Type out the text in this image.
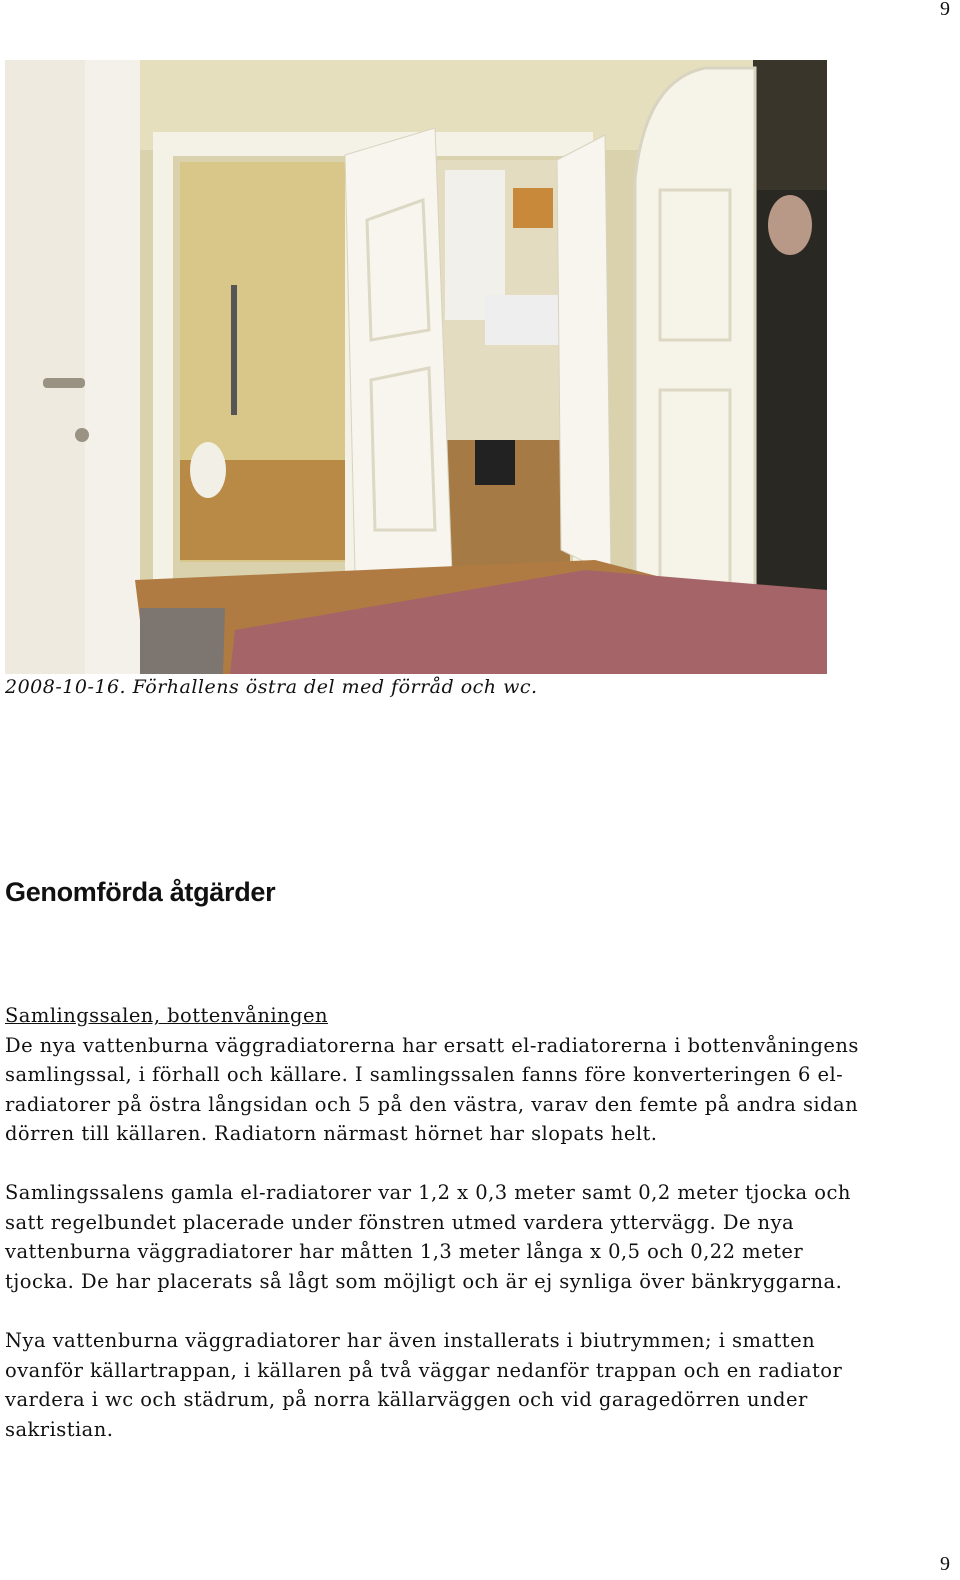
9
2008-10-16. Förhallens östra del med förråd och wc.
Genomförda åtgärder
Samlingssalen, bottenvåningen
De nya vattenburna väggradiatorerna har ersatt el-radiatorerna i bottenvåningens
samlingssal, i förhall och källare. I samlingssalen fanns före konverteringen 6 el-
radiatorer på östra långsidan och 5 på den västra, varav den femte på andra sidan
dörren till källaren. Radiatorn närmast hörnet har slopats helt.
Samlingssalens gamla el-radiatorer var 1,2 x 0,3 meter samt 0,2 meter tjocka och
satt regelbundet placerade under fönstren utmed vardera yttervägg. De nya
vattenburna väggradiatorer har måtten 1,3 meter långa x 0,5 och 0,22 meter
tjocka. De har placerats så lågt som möjligt och är ej synliga över bänkryggarna.
Nya vattenburna väggradiatorer har även installerats i biutrymmen; i smatten
ovanför källartrappan, i källaren på två väggar nedanför trappan och en radiator
vardera i wc och städrum, på norra källarväggen och vid garagedörren under
sakristian.
9
